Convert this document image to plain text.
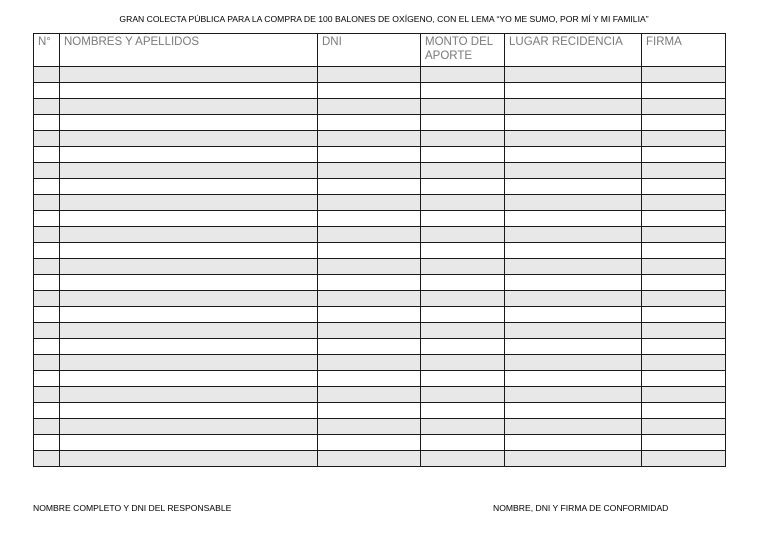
GRAN COLECTA PÚBLICA PARA LA COMPRA DE 100 BALONES DE OXÍGENO, CON EL LEMA “YO ME SUMO, POR MÍ Y MI FAMILIA”
N°	NOMBRES Y APELLIDOS	DNI	MONTO DEL APORTE	LUGAR RECIDENCIA	FIRMA

NOMBRE COMPLETO Y DNI DEL RESPONSABLE	NOMBRE, DNI Y FIRMA DE CONFORMIDAD
